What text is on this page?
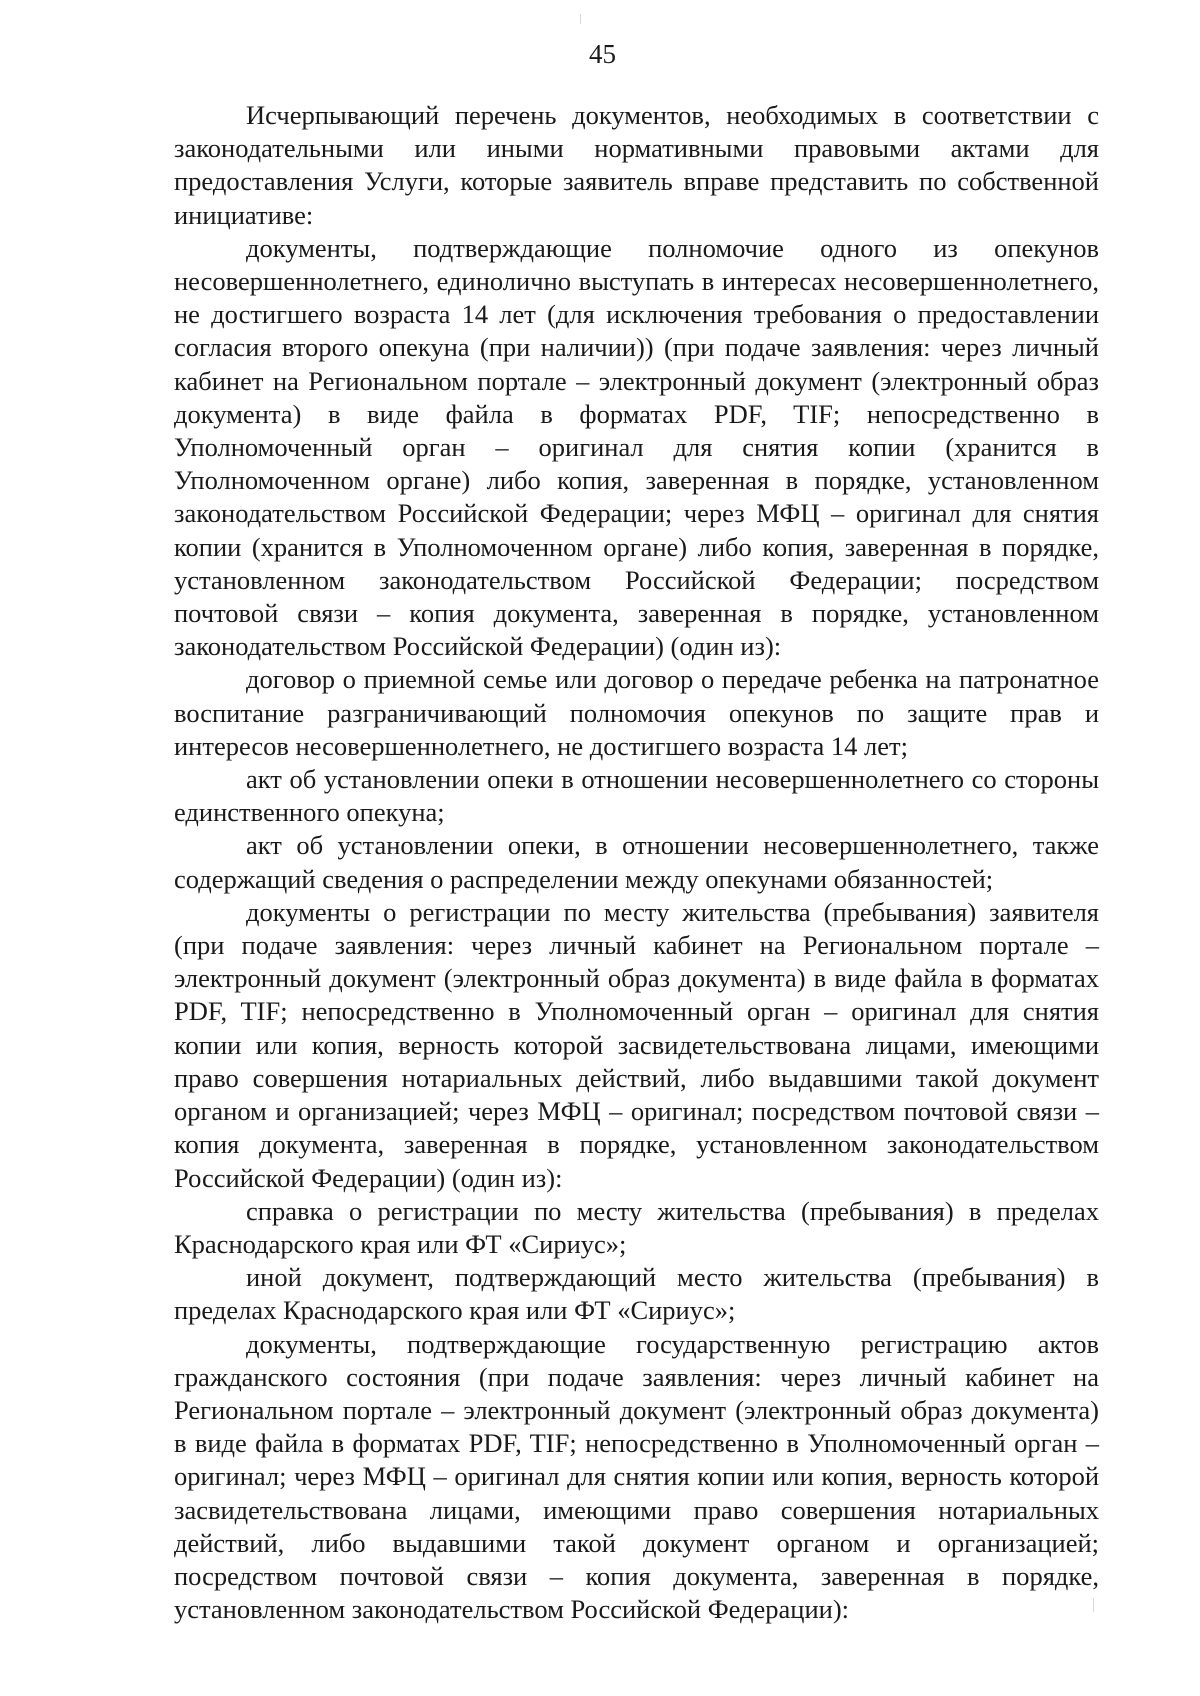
45

Исчерпывающий перечень документов, необходимых в соответствии с законодательными или иными нормативными правовыми актами для предоставления Услуги, которые заявитель вправе представить по собственной инициативе:

документы, подтверждающие полномочие одного из опекунов несовершеннолетнего, единолично выступать в интересах несовершеннолетнего, не достигшего возраста 14 лет (для исключения требования о предоставлении согласия второго опекуна (при наличии)) (при подаче заявления: через личный кабинет на Региональном портале – электронный документ (электронный образ документа) в виде файла в форматах PDF, TIF; непосредственно в Уполномоченный орган – оригинал для снятия копии (хранится в Уполномоченном органе) либо копия, заверенная в порядке, установленном законодательством Российской Федерации; через МФЦ – оригинал для снятия копии (хранится в Уполномоченном органе) либо копия, заверенная в порядке, установленном законодательством Российской Федерации; посредством почтовой связи – копия документа, заверенная в порядке, установленном законодательством Российской Федерации) (один из):

договор о приемной семье или договор о передаче ребенка на патронатное воспитание разграничивающий полномочия опекунов по защите прав и интересов несовершеннолетнего, не достигшего возраста 14 лет;

акт об установлении опеки в отношении несовершеннолетнего со стороны единственного опекуна;

акт об установлении опеки, в отношении несовершеннолетнего, также содержащий сведения о распределении между опекунами обязанностей;

документы о регистрации по месту жительства (пребывания) заявителя (при подаче заявления: через личный кабинет на Региональном портале – электронный документ (электронный образ документа) в виде файла в форматах PDF, TIF; непосредственно в Уполномоченный орган – оригинал для снятия копии или копия, верность которой засвидетельствована лицами, имеющими право совершения нотариальных действий, либо выдавшими такой документ органом и организацией; через МФЦ – оригинал; посредством почтовой связи – копия документа, заверенная в порядке, установленном законодательством Российской Федерации) (один из):

справка о регистрации по месту жительства (пребывания) в пределах Краснодарского края или ФТ «Сириус»;

иной документ, подтверждающий место жительства (пребывания) в пределах Краснодарского края или ФТ «Сириус»;

документы, подтверждающие государственную регистрацию актов гражданского состояния (при подаче заявления: через личный кабинет на Региональном портале – электронный документ (электронный образ документа) в виде файла в форматах PDF, TIF; непосредственно в Уполномоченный орган – оригинал; через МФЦ – оригинал для снятия копии или копия, верность которой засвидетельствована лицами, имеющими право совершения нотариальных действий, либо выдавшими такой документ органом и организацией; посредством почтовой связи – копия документа, заверенная в порядке, установленном законодательством Российской Федерации):
